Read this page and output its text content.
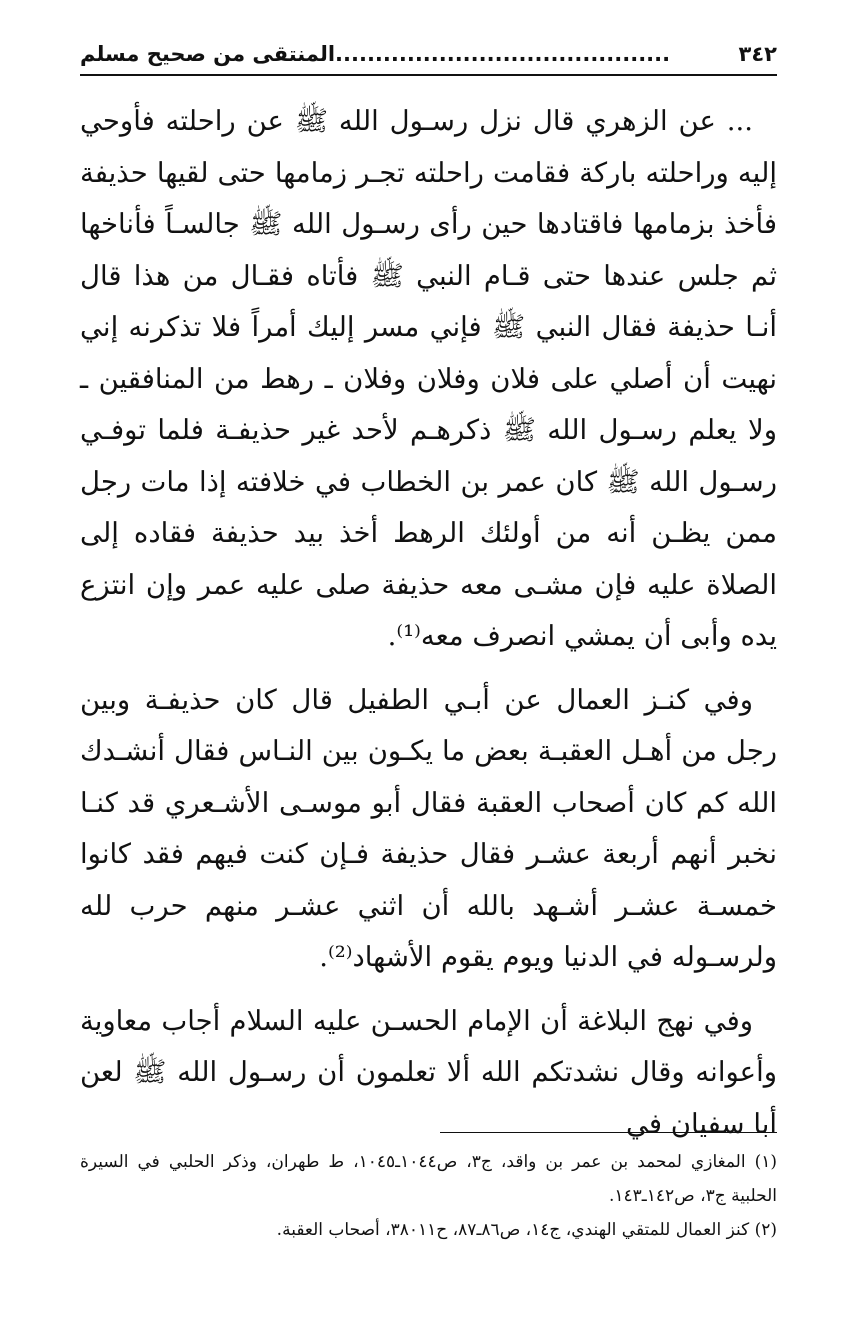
٣٤٢
..........................................المنتقى من صحيح مسلم

... عن الزهري قال نزل رسـول الله ﷺ عن راحلته فأوحي إليه وراحلته باركة فقامت راحلته تجـر زمامها حتى لقيها حذيفة فأخذ بزمامها فاقتادها حين رأى رسـول الله ﷺ جالسـاً فأناخها ثم جلس عندها حتى قـام النبي ﷺ فأتاه فقـال من هذا قال أنـا حذيفة فقال النبي ﷺ فإني مسر إليك أمراً فلا تذكرنه إني نهيت أن أصلي على فلان وفلان وفلان ـ رهط من المنافقين ـ ولا يعلم رسـول الله ﷺ ذكرهـم لأحد غير حذيفـة فلما توفـي رسـول الله ﷺ كان عمر بن الخطاب في خلافته إذا مات رجل ممن يظـن أنه من أولئك الرهط أخذ بيد حذيفة فقاده إلى الصلاة عليه فإن مشـى معه حذيفة صلى عليه عمر وإن انتزع يده وأبى أن يمشي انصرف معه⁽¹⁾.

وفي كنـز العمال عن أبـي الطفيل قال كان حذيفـة وبين رجل من أهـل العقبـة بعض ما يكـون بين النـاس فقال أنشـدك الله كم كان أصحاب العقبة فقال أبو موسـى الأشـعري قد كنـا نخبر أنهم أربعة عشـر فقال حذيفة فـإن كنت فيهم فقد كانوا خمسـة عشـر أشـهد بالله أن اثني عشـر منهم حرب لله ولرسـوله في الدنيا ويوم يقوم الأشهاد⁽²⁾.

وفي نهج البلاغة أن الإمام الحسـن عليه السلام أجاب معاوية وأعوانه وقال نشدتكم الله ألا تعلمون أن رسـول الله ﷺ لعن أبا سفيان في

(١) المغازي لمحمد بن عمر بن واقد، ج٣، ص١٠٤٤ـ١٠٤٥، ط طهران، وذكر الحلبي في السيرة الحلبية ج٣، ص١٤٢ـ١٤٣.
(٢) كنز العمال للمتقي الهندي، ج١٤، ص٨٦ـ٨٧، ح٣٨٠١١، أصحاب العقبة.
